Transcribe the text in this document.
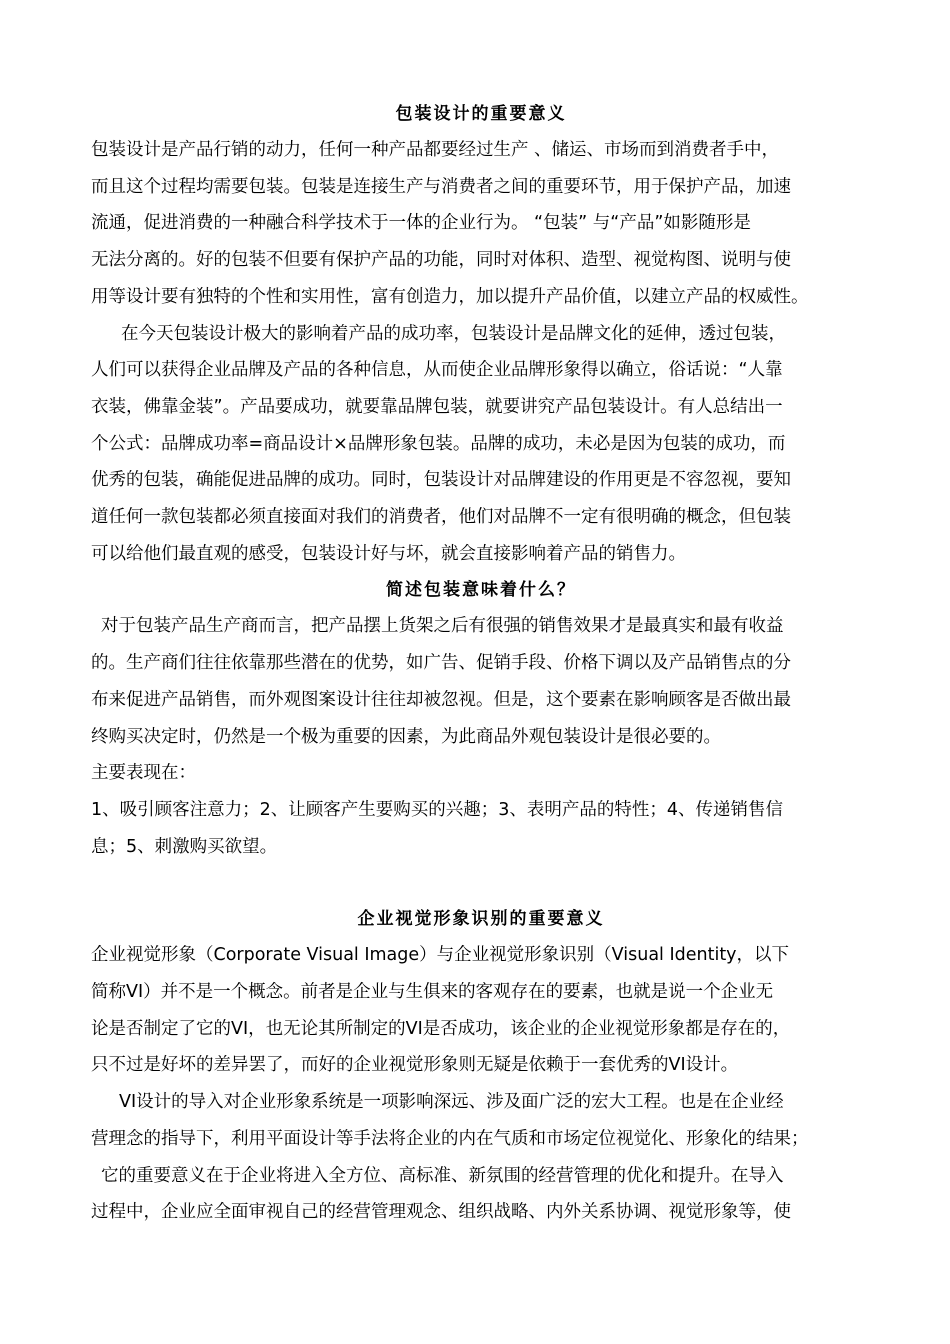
包装设计的重要意义

包装设计是产品行销的动力，任何一种产品都要经过生产 、储运、市场而到消费者手中，
而且这个过程均需要包装。包装是连接生产与消费者之间的重要环节，用于保护产品，加速
流通，促进消费的一种融合科学技术于一体的企业行为。 “包装” 与“产品”如影随形是
无法分离的。好的包装不但要有保护产品的功能，同时对体积、造型、视觉构图、说明与使
用等设计要有独特的个性和实用性，富有创造力，加以提升产品价值，以建立产品的权威性。

在今天包装设计极大的影响着产品的成功率，包装设计是品牌文化的延伸，透过包装，
人们可以获得企业品牌及产品的各种信息，从而使企业品牌形象得以确立，俗话说：“人靠
衣装，佛靠金装”。产品要成功，就要靠品牌包装，就要讲究产品包装设计。有人总结出一
个公式：品牌成功率=商品设计×品牌形象包装。品牌的成功，未必是因为包装的成功，而
优秀的包装，确能促进品牌的成功。同时，包装设计对品牌建设的作用更是不容忽视，要知
道任何一款包装都必须直接面对我们的消费者，他们对品牌不一定有很明确的概念，但包装
可以给他们最直观的感受，包装设计好与坏，就会直接影响着产品的销售力。

简述包装意味着什么？

对于包装产品生产商而言，把产品摆上货架之后有很强的销售效果才是最真实和最有收益
的。生产商们往往依靠那些潜在的优势，如广告、促销手段、价格下调以及产品销售点的分
布来促进产品销售，而外观图案设计往往却被忽视。但是，这个要素在影响顾客是否做出最
终购买决定时，仍然是一个极为重要的因素，为此商品外观包装设计是很必要的。
主要表现在：
1、吸引顾客注意力；2、让顾客产生要购买的兴趣；3、表明产品的特性；4、传递销售信
息；5、刺激购买欲望。

企业视觉形象识别的重要意义

企业视觉形象（Corporate Visual Image）与企业视觉形象识别（Visual Identity，以下
简称VI）并不是一个概念。前者是企业与生俱来的客观存在的要素，也就是说一个企业无
论是否制定了它的VI，也无论其所制定的VI是否成功，该企业的企业视觉形象都是存在的，
只不过是好坏的差异罢了，而好的企业视觉形象则无疑是依赖于一套优秀的VI设计。

VI设计的导入对企业形象系统是一项影响深远、涉及面广泛的宏大工程。也是在企业经
营理念的指导下，利用平面设计等手法将企业的内在气质和市场定位视觉化、形象化的结果；
它的重要意义在于企业将进入全方位、高标准、新氛围的经营管理的优化和提升。在导入
过程中，企业应全面审视自己的经营管理观念、组织战略、内外关系协调、视觉形象等，使
